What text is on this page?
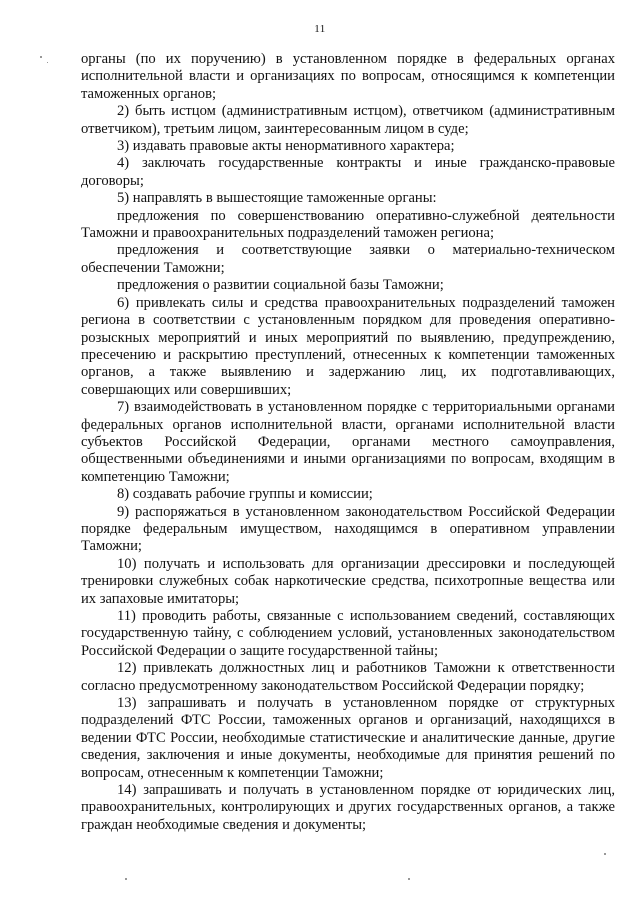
11

органы (по их поручению) в установленном порядке в федеральных органах исполнительной власти и организациях по вопросам, относящимся к компетенции таможенных органов;

2) быть истцом (административным истцом), ответчиком (административным ответчиком), третьим лицом, заинтересованным лицом в суде;

3) издавать правовые акты ненормативного характера;

4) заключать государственные контракты и иные гражданско-правовые договоры;

5) направлять в вышестоящие таможенные органы:

предложения по совершенствованию оперативно-служебной деятельности Таможни и правоохранительных подразделений таможен региона;

предложения и соответствующие заявки о материально-техническом обеспечении Таможни;

предложения о развитии социальной базы Таможни;

6) привлекать силы и средства правоохранительных подразделений таможен региона в соответствии с установленным порядком для проведения оперативно-розыскных мероприятий и иных мероприятий по выявлению, предупреждению, пресечению и раскрытию преступлений, отнесенных к компетенции таможенных органов, а также выявлению и задержанию лиц, их подготавливающих, совершающих или совершивших;

7) взаимодействовать в установленном порядке с территориальными органами федеральных органов исполнительной власти, органами исполнительной власти субъектов Российской Федерации, органами местного самоуправления, общественными объединениями и иными организациями по вопросам, входящим в компетенцию Таможни;

8) создавать рабочие группы и комиссии;

9) распоряжаться в установленном законодательством Российской Федерации порядке федеральным имуществом, находящимся в оперативном управлении Таможни;

10) получать и использовать для организации дрессировки и последующей тренировки служебных собак наркотические средства, психотропные вещества или их запаховые имитаторы;

11) проводить работы, связанные с использованием сведений, составляющих государственную тайну, с соблюдением условий, установленных законодательством Российской Федерации о защите государственной тайны;

12) привлекать должностных лиц и работников Таможни к ответственности согласно предусмотренному законодательством Российской Федерации порядку;

13) запрашивать и получать в установленном порядке от структурных подразделений ФТС России, таможенных органов и организаций, находящихся в ведении ФТС России, необходимые статистические и аналитические данные, другие сведения, заключения и иные документы, необходимые для принятия решений по вопросам, отнесенным к компетенции Таможни;

14) запрашивать и получать в установленном порядке от юридических лиц, правоохранительных, контролирующих и других государственных органов, а также граждан необходимые сведения и документы;
